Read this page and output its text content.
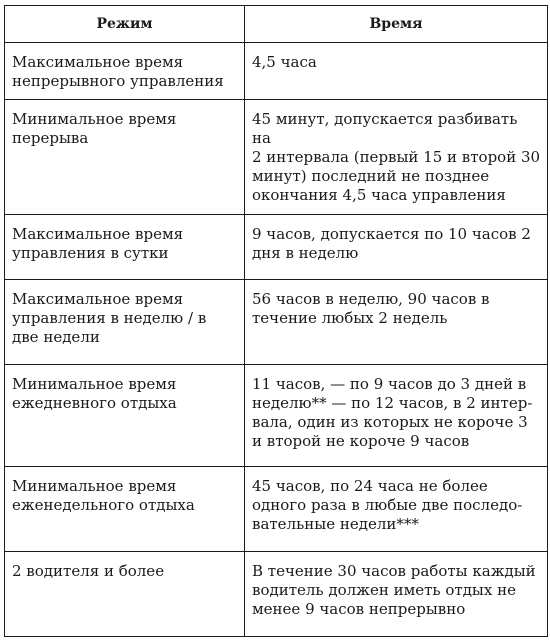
Режим	Время

Максимальное время
непрерывного управления	4,5 часа

Минимальное время
перерыва	45 минут, допускается разбивать на
2 интервала (первый 15 и второй 30
минут) последний не позднее
окончания 4,5 часа управления

Максимальное время
управления в сутки	9 часов, допускается по 10 часов 2
дня в неделю

Максимальное время
управления в неделю / в
две недели	56 часов в неделю, 90 часов в
течение любых 2 недель

Минимальное время
ежедневного отдыха	11 часов, — по 9 часов до 3 дней в
неделю** — по 12 часов, в 2 интер-
вала, один из которых не короче 3
и второй не короче 9 часов

Минимальное время
еженедельного отдыха	45 часов, по 24 часа не более
одного раза в любые две последо-
вательные недели***

2 водителя и более	В течение 30 часов работы каждый
водитель должен иметь отдых не
менее 9 часов непрерывно
